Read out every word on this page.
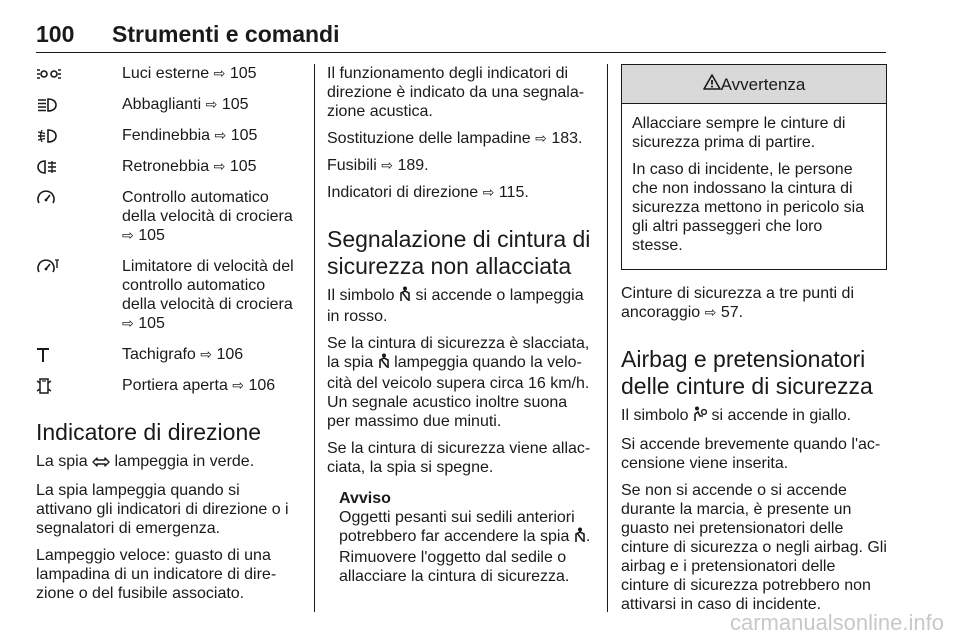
100	Strumenti e comandi
Luci esterne ⇨ 105
Abbaglianti ⇨ 105
Fendinebbia ⇨ 105
Retronebbia ⇨ 105
Controllo automatico della velocità di crociera ⇨ 105
Limitatore di velocità del controllo automatico della velocità di crociera ⇨ 105
Tachigrafo ⇨ 106
Portiera aperta ⇨ 106
Indicatore di direzione

La spia lampeggia in verde.

La spia lampeggia quando si attivano gli indicatori di direzione o i segnalatori di emergenza.

Lampeggio veloce: guasto di una lampadina di un indicatore di direzione o del fusibile associato.

Il funzionamento degli indicatori di direzione è indicato da una segnalazione acustica.

Sostituzione delle lampadine ⇨ 183.

Fusibili ⇨ 189.

Indicatori di direzione ⇨ 115.

Segnalazione di cintura di sicurezza non allacciata

Il simbolo si accende o lampeggia in rosso.

Se la cintura di sicurezza è slacciata, la spia lampeggia quando la velocità del veicolo supera circa 16 km/h. Un segnale acustico inoltre suona per massimo due minuti.

Se la cintura di sicurezza viene allacciata, la spia si spegne.

Avviso
Oggetti pesanti sui sedili anteriori potrebbero far accendere la spia . Rimuovere l'oggetto dal sedile o allacciare la cintura di sicurezza.
Avvertenza

Allacciare sempre le cinture di sicurezza prima di partire.

In caso di incidente, le persone che non indossano la cintura di sicurezza mettono in pericolo sia gli altri passeggeri che loro stesse.

Cinture di sicurezza a tre punti di ancoraggio ⇨ 57.

Airbag e pretensionatori delle cinture di sicurezza

Il simbolo si accende in giallo.

Si accende brevemente quando l'accensione viene inserita.

Se non si accende o si accende durante la marcia, è presente un guasto nei pretensionatori delle cinture di sicurezza o negli airbag. Gli airbag e i pretensionatori delle cinture di sicurezza potrebbero non attivarsi in caso di incidente.

carmanualsonline.info
